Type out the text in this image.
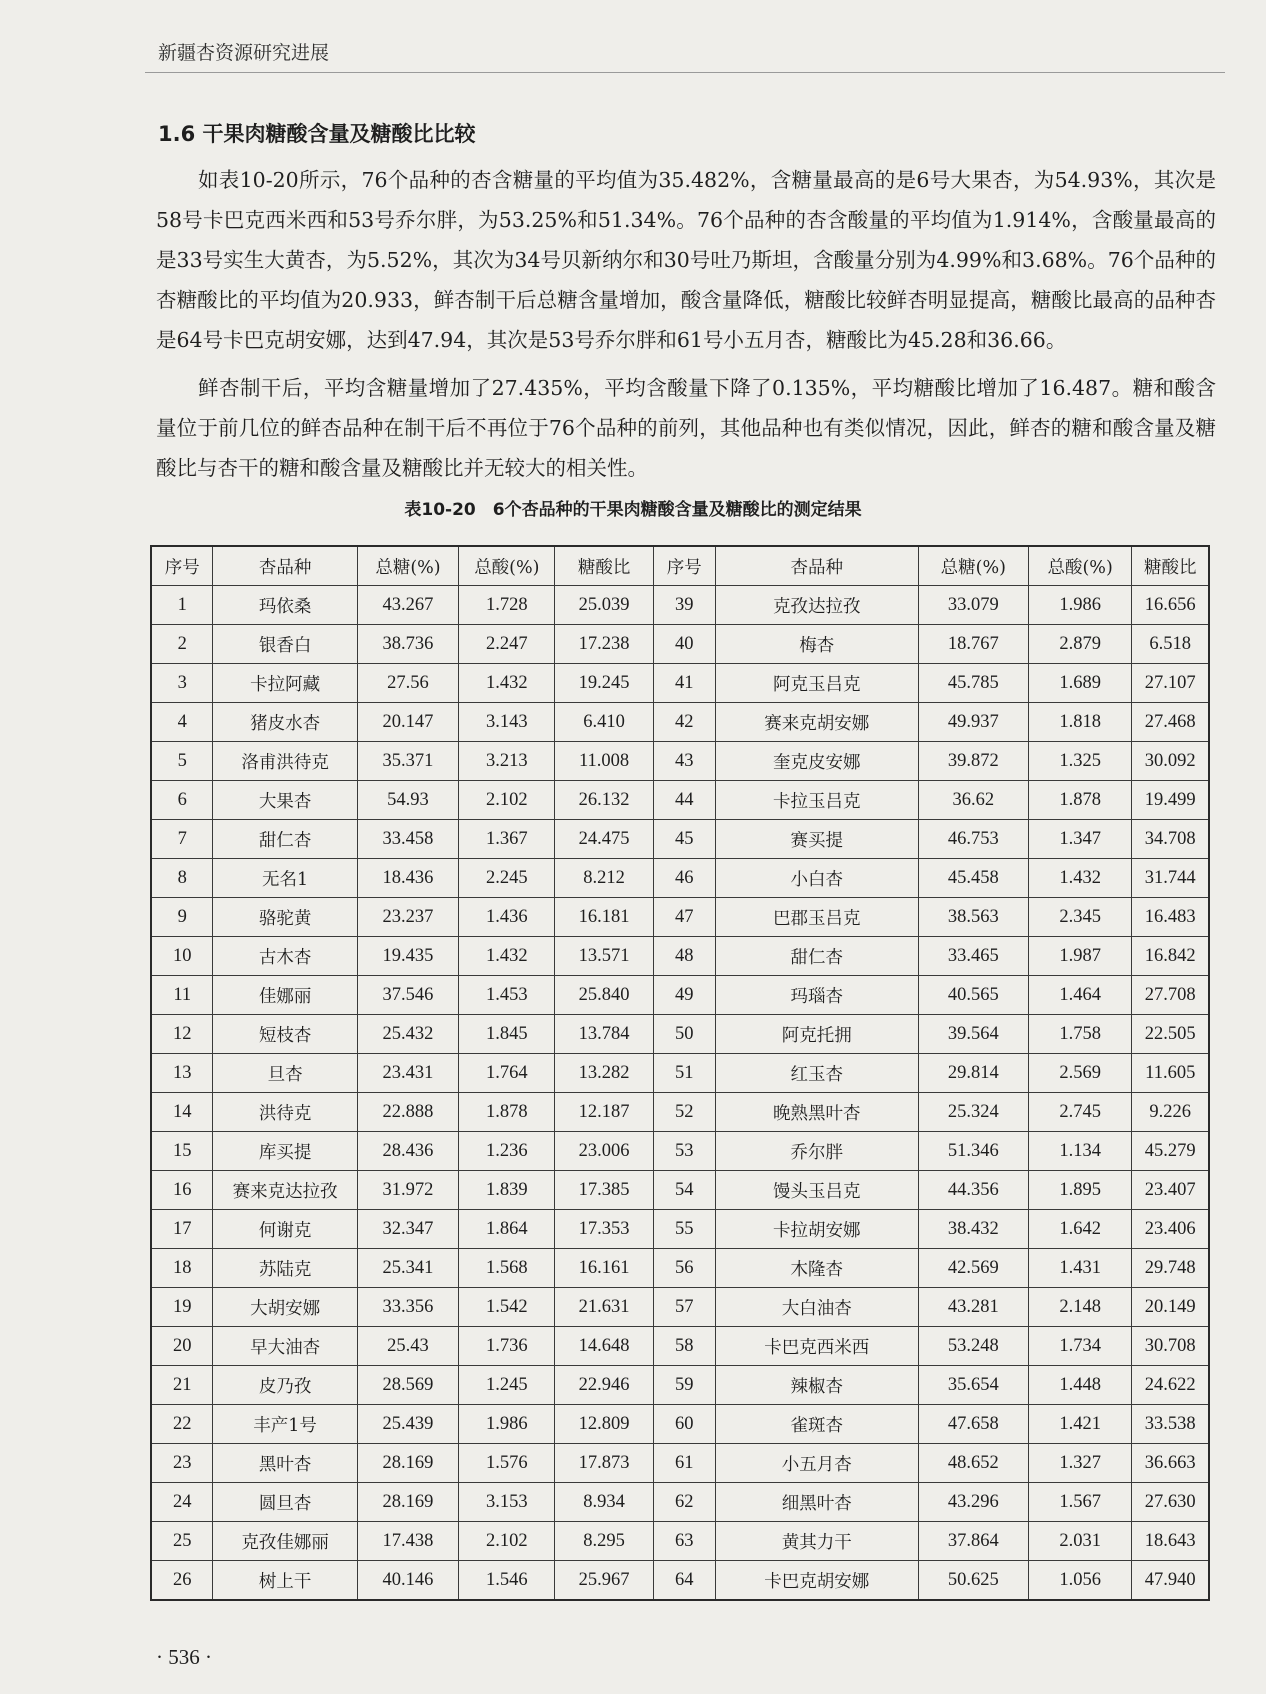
新疆杏资源研究进展
1.6 干果肉糖酸含量及糖酸比比较

如表10-20所示，76个品种的杏含糖量的平均值为35.482%，含糖量最高的是6号大果杏，为54.93%，其次是58号卡巴克西米西和53号乔尔胖，为53.25%和51.34%。76个品种的杏含酸量的平均值为1.914%，含酸量最高的是33号实生大黄杏，为5.52%，其次为34号贝新纳尔和30号吐乃斯坦，含酸量分别为4.99%和3.68%。76个品种的杏糖酸比的平均值为20.933，鲜杏制干后总糖含量增加，酸含量降低，糖酸比较鲜杏明显提高，糖酸比最高的品种杏是64号卡巴克胡安娜，达到47.94，其次是53号乔尔胖和61号小五月杏，糖酸比为45.28和36.66。

鲜杏制干后，平均含糖量增加了27.435%，平均含酸量下降了0.135%，平均糖酸比增加了16.487。糖和酸含量位于前几位的鲜杏品种在制干后不再位于76个品种的前列，其他品种也有类似情况，因此，鲜杏的糖和酸含量及糖酸比与杏干的糖和酸含量及糖酸比并无较大的相关性。

表10-20　6个杏品种的干果肉糖酸含量及糖酸比的测定结果
序号	杏品种	总糖(%)	总酸(%)	糖酸比	序号	杏品种	总糖(%)	总酸(%)	糖酸比
1	玛依桑	43.267	1.728	25.039	39	克孜达拉孜	33.079	1.986	16.656
2	银香白	38.736	2.247	17.238	40	梅杏	18.767	2.879	6.518
3	卡拉阿藏	27.56	1.432	19.245	41	阿克玉吕克	45.785	1.689	27.107
4	猪皮水杏	20.147	3.143	6.410	42	赛来克胡安娜	49.937	1.818	27.468
5	洛甫洪待克	35.371	3.213	11.008	43	奎克皮安娜	39.872	1.325	30.092
6	大果杏	54.93	2.102	26.132	44	卡拉玉吕克	36.62	1.878	19.499
7	甜仁杏	33.458	1.367	24.475	45	赛买提	46.753	1.347	34.708
8	无名1	18.436	2.245	8.212	46	小白杏	45.458	1.432	31.744
9	骆驼黄	23.237	1.436	16.181	47	巴郡玉吕克	38.563	2.345	16.483
10	古木杏	19.435	1.432	13.571	48	甜仁杏	33.465	1.987	16.842
11	佳娜丽	37.546	1.453	25.840	49	玛瑙杏	40.565	1.464	27.708
12	短枝杏	25.432	1.845	13.784	50	阿克托拥	39.564	1.758	22.505
13	旦杏	23.431	1.764	13.282	51	红玉杏	29.814	2.569	11.605
14	洪待克	22.888	1.878	12.187	52	晚熟黑叶杏	25.324	2.745	9.226
15	库买提	28.436	1.236	23.006	53	乔尔胖	51.346	1.134	45.279
16	赛来克达拉孜	31.972	1.839	17.385	54	馒头玉吕克	44.356	1.895	23.407
17	何谢克	32.347	1.864	17.353	55	卡拉胡安娜	38.432	1.642	23.406
18	苏陆克	25.341	1.568	16.161	56	木隆杏	42.569	1.431	29.748
19	大胡安娜	33.356	1.542	21.631	57	大白油杏	43.281	2.148	20.149
20	早大油杏	25.43	1.736	14.648	58	卡巴克西米西	53.248	1.734	30.708
21	皮乃孜	28.569	1.245	22.946	59	辣椒杏	35.654	1.448	24.622
22	丰产1号	25.439	1.986	12.809	60	雀斑杏	47.658	1.421	33.538
23	黑叶杏	28.169	1.576	17.873	61	小五月杏	48.652	1.327	36.663
24	圆旦杏	28.169	3.153	8.934	62	细黑叶杏	43.296	1.567	27.630
25	克孜佳娜丽	17.438	2.102	8.295	63	黄其力干	37.864	2.031	18.643
26	树上干	40.146	1.546	25.967	64	卡巴克胡安娜	50.625	1.056	47.940
· 536 ·
